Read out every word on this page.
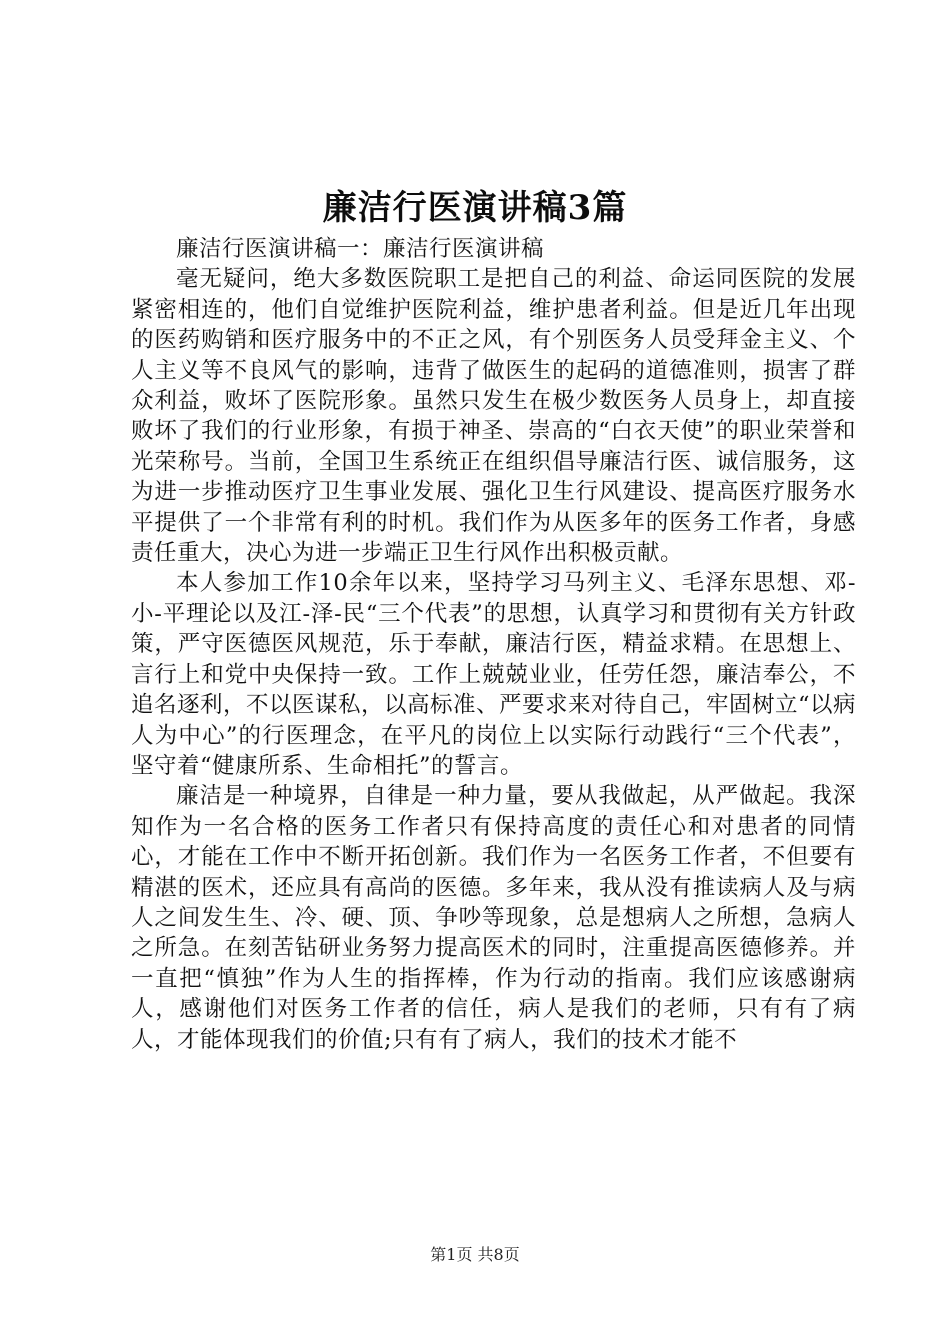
廉洁行医演讲稿3篇

廉洁行医演讲稿一：廉洁行医演讲稿

毫无疑问，绝大多数医院职工是把自己的利益、命运同医院的发展紧密相连的，他们自觉维护医院利益，维护患者利益。但是近几年出现的医药购销和医疗服务中的不正之风，有个别医务人员受拜金主义、个人主义等不良风气的影响，违背了做医生的起码的道德准则，损害了群众利益，败坏了医院形象。虽然只发生在极少数医务人员身上，却直接败坏了我们的行业形象，有损于神圣、崇高的“白衣天使”的职业荣誉和光荣称号。当前，全国卫生系统正在组织倡导廉洁行医、诚信服务，这为进一步推动医疗卫生事业发展、强化卫生行风建设、提高医疗服务水平提供了一个非常有利的时机。我们作为从医多年的医务工作者，身感责任重大，决心为进一步端正卫生行风作出积极贡献。

本人参加工作10余年以来，坚持学习马列主义、毛泽东思想、邓-小-平理论以及江-泽-民“三个代表”的思想，认真学习和贯彻有关方针政策，严守医德医风规范，乐于奉献，廉洁行医，精益求精。在思想上、言行上和党中央保持一致。工作上兢兢业业，任劳任怨，廉洁奉公，不追名逐利，不以医谋私，以高标准、严要求来对待自己，牢固树立“以病人为中心”的行医理念，在平凡的岗位上以实际行动践行“三个代表”，坚守着“健康所系、生命相托”的誓言。

廉洁是一种境界，自律是一种力量，要从我做起，从严做起。我深知作为一名合格的医务工作者只有保持高度的责任心和对患者的同情心，才能在工作中不断开拓创新。我们作为一名医务工作者，不但要有精湛的医术，还应具有高尚的医德。多年来，我从没有推读病人及与病人之间发生生、冷、硬、顶、争吵等现象，总是想病人之所想，急病人之所急。在刻苦钻研业务努力提高医术的同时，注重提高医德修养。并一直把“慎独”作为人生的指挥棒，作为行动的指南。我们应该感谢病人，感谢他们对医务工作者的信任，病人是我们的老师，只有有了病人，才能体现我们的价值;只有有了病人，我们的技术才能不

第1页 共8页
